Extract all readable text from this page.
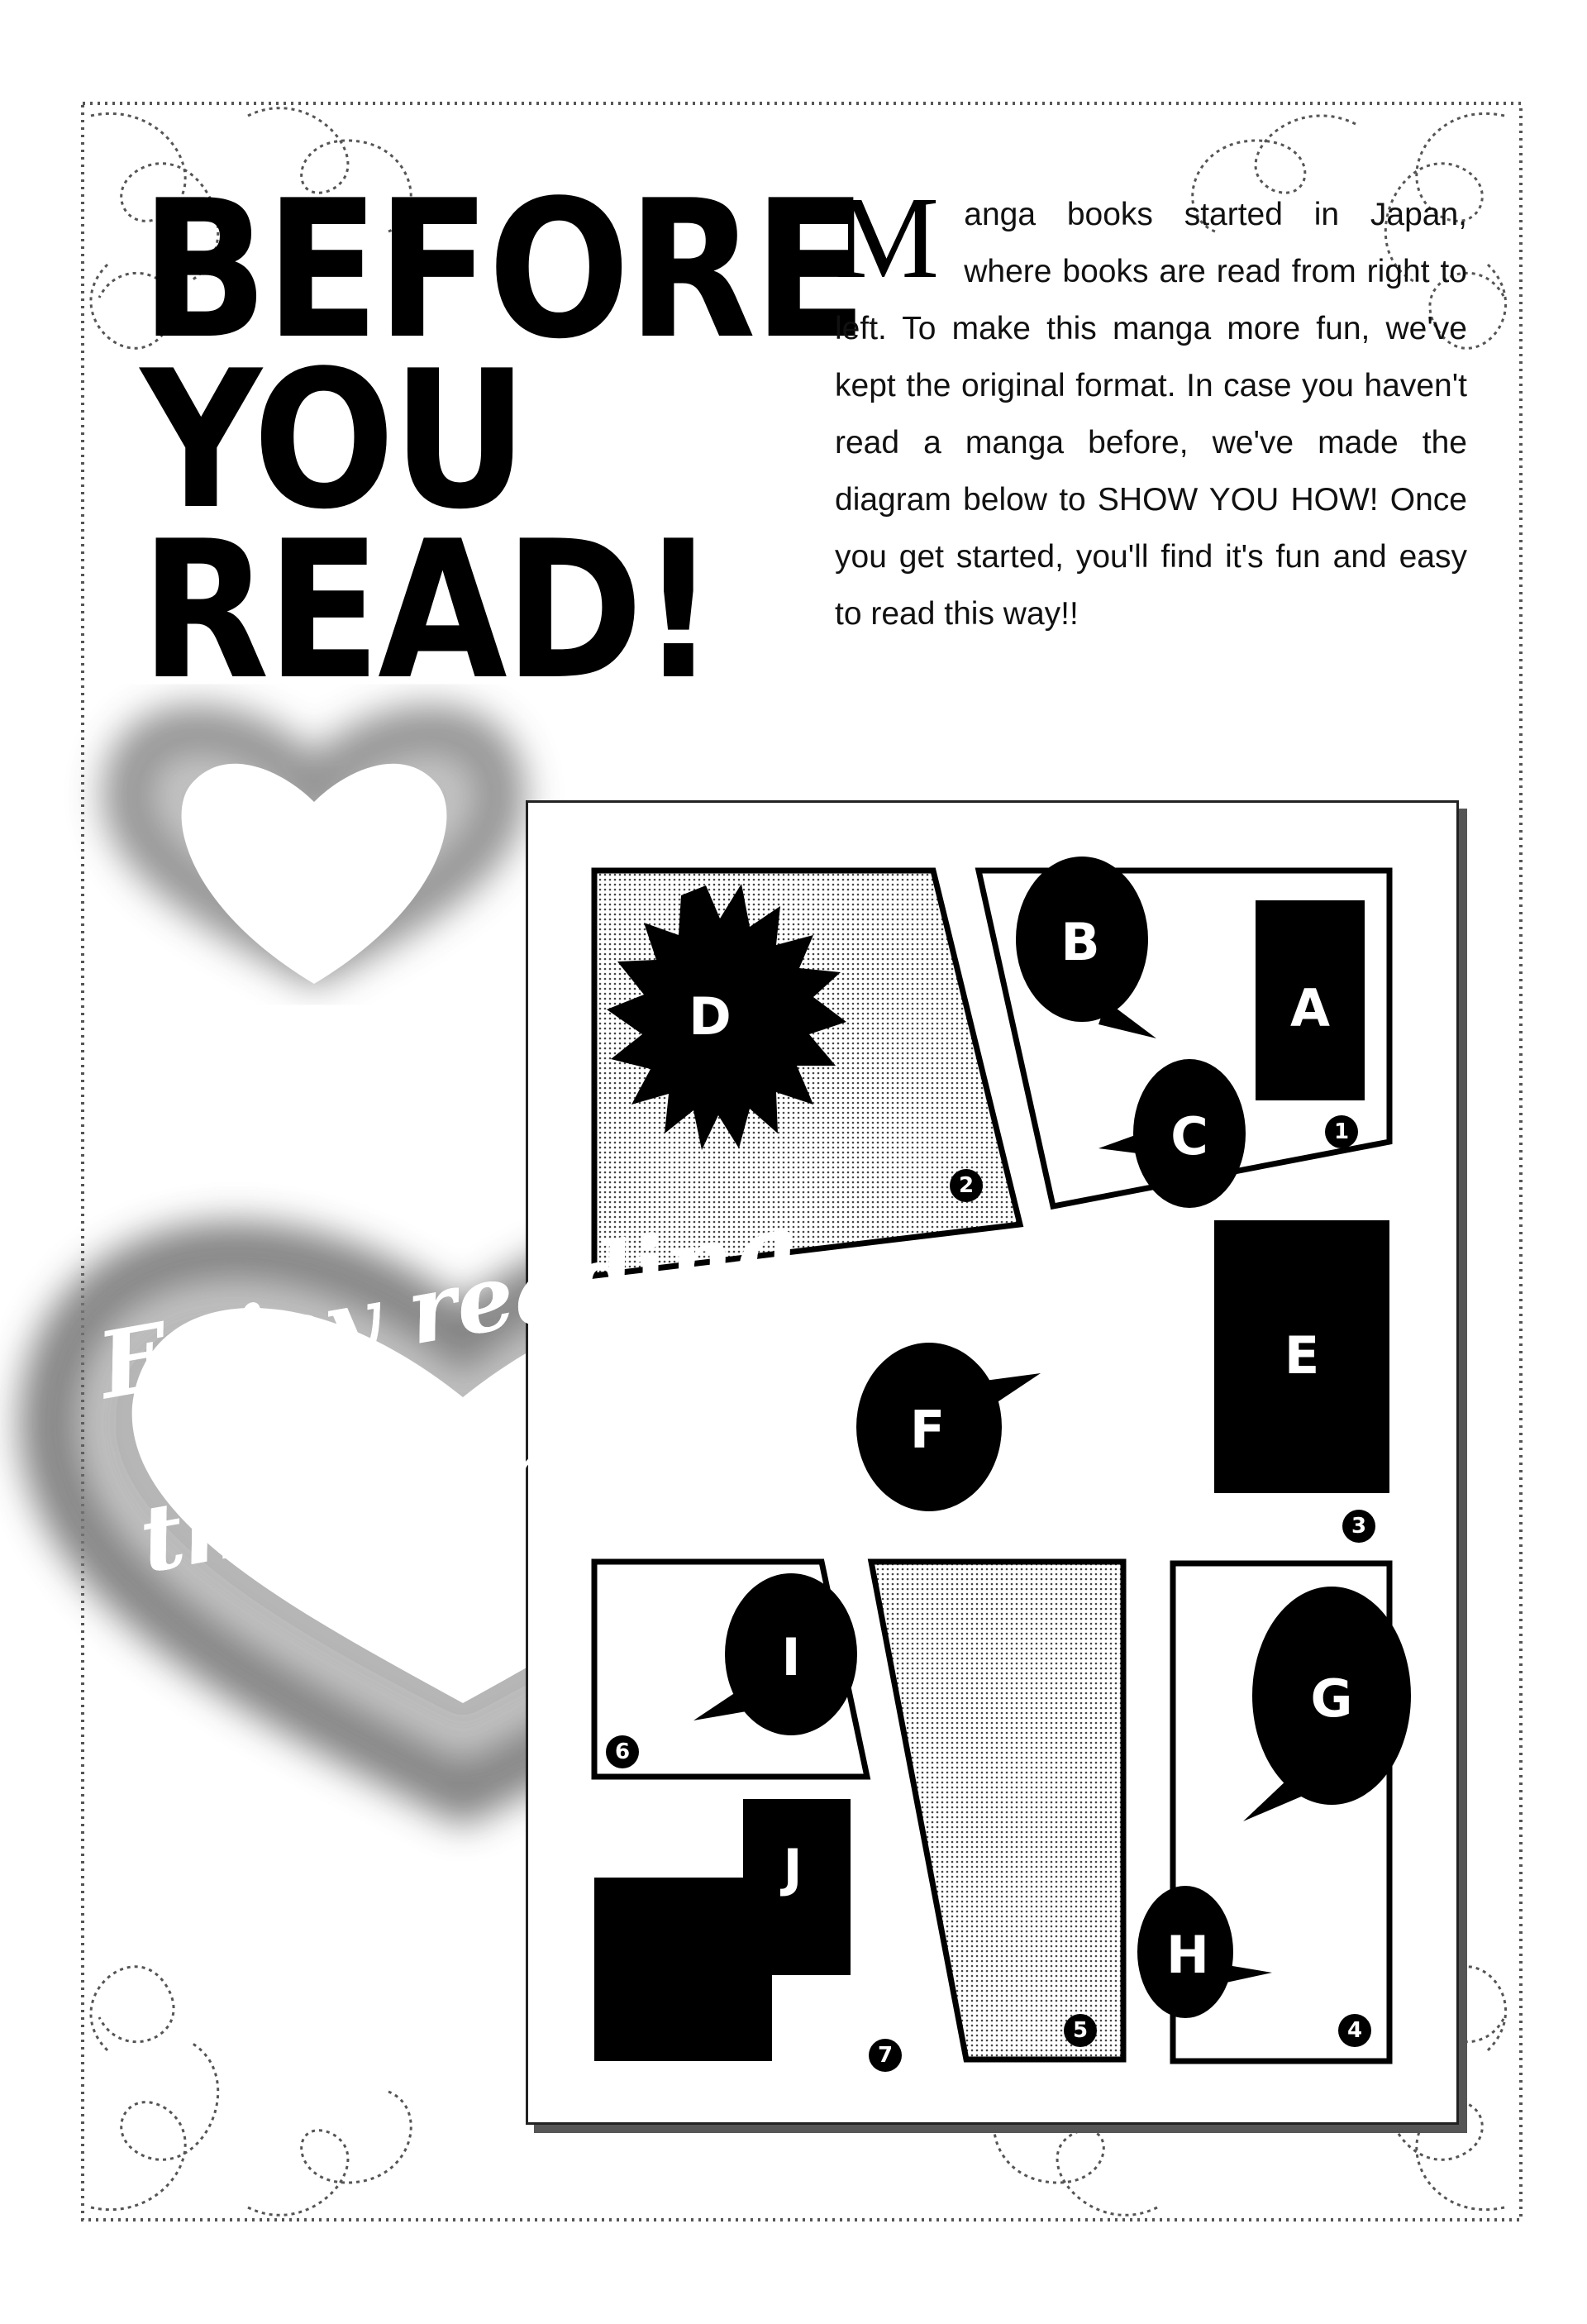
BEFORE
YOU
READ!

M anga books started in Japan, where books are read from right to left. To make this manga more fun, we've kept the original format. In case you haven't read a manga before, we've made the diagram below to SHOW YOU HOW! Once you get started, you'll find it's fun and easy to read this way!!

A
B
C
D
E
F
G
H
I
J
1
2
3
4
5
6
7
Enjoy reading
the Comics
